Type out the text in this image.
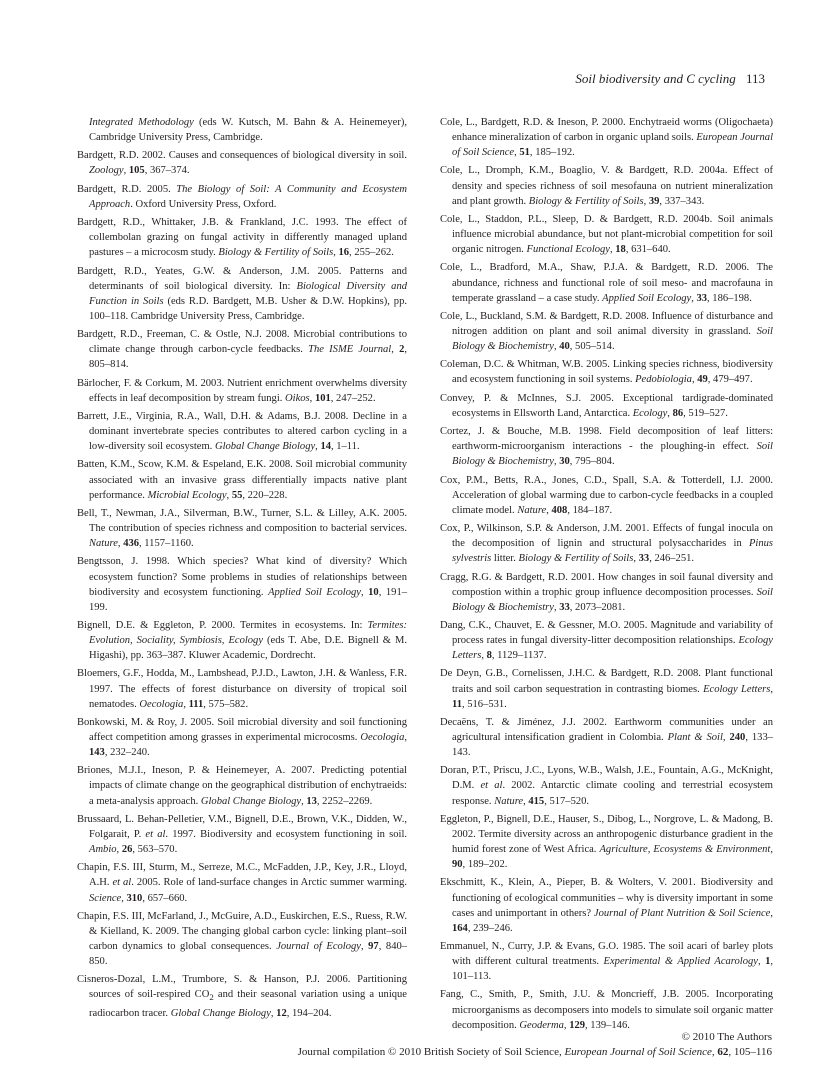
Soil biodiversity and C cycling 113

Integrated Methodology (eds W. Kutsch, M. Bahn & A. Heinemeyer), Cambridge University Press, Cambridge.

Bardgett, R.D. 2002. Causes and consequences of biological diversity in soil. Zoology, 105, 367–374.

Bardgett, R.D. 2005. The Biology of Soil: A Community and Ecosystem Approach. Oxford University Press, Oxford.

Bardgett, R.D., Whittaker, J.B. & Frankland, J.C. 1993. The effect of collembolan grazing on fungal activity in differently managed upland pastures – a microcosm study. Biology & Fertility of Soils, 16, 255–262.

Bardgett, R.D., Yeates, G.W. & Anderson, J.M. 2005. Patterns and determinants of soil biological diversity. In: Biological Diversity and Function in Soils (eds R.D. Bardgett, M.B. Usher & D.W. Hopkins), pp. 100–118. Cambridge University Press, Cambridge.

Bardgett, R.D., Freeman, C. & Ostle, N.J. 2008. Microbial contributions to climate change through carbon-cycle feedbacks. The ISME Journal, 2, 805–814.

Bärlocher, F. & Corkum, M. 2003. Nutrient enrichment overwhelms diversity effects in leaf decomposition by stream fungi. Oikos, 101, 247–252.

Barrett, J.E., Virginia, R.A., Wall, D.H. & Adams, B.J. 2008. Decline in a dominant invertebrate species contributes to altered carbon cycling in a low-diversity soil ecosystem. Global Change Biology, 14, 1–11.

Batten, K.M., Scow, K.M. & Espeland, E.K. 2008. Soil microbial community associated with an invasive grass differentially impacts native plant performance. Microbial Ecology, 55, 220–228.

Bell, T., Newman, J.A., Silverman, B.W., Turner, S.L. & Lilley, A.K. 2005. The contribution of species richness and composition to bacterial services. Nature, 436, 1157–1160.

Bengtsson, J. 1998. Which species? What kind of diversity? Which ecosystem function? Some problems in studies of relationships between biodiversity and ecosystem functioning. Applied Soil Ecology, 10, 191–199.

Bignell, D.E. & Eggleton, P. 2000. Termites in ecosystems. In: Termites: Evolution, Sociality, Symbiosis, Ecology (eds T. Abe, D.E. Bignell & M. Higashi), pp. 363–387. Kluwer Academic, Dordrecht.

Bloemers, G.F., Hodda, M., Lambshead, P.J.D., Lawton, J.H. & Wanless, F.R. 1997. The effects of forest disturbance on diversity of tropical soil nematodes. Oecologia, 111, 575–582.

Bonkowski, M. & Roy, J. 2005. Soil microbial diversity and soil functioning affect competition among grasses in experimental microcosms. Oecologia, 143, 232–240.

Briones, M.J.I., Ineson, P. & Heinemeyer, A. 2007. Predicting potential impacts of climate change on the geographical distribution of enchytraeids: a meta-analysis approach. Global Change Biology, 13, 2252–2269.

Brussaard, L. Behan-Pelletier, V.M., Bignell, D.E., Brown, V.K., Didden, W., Folgarait, P. et al. 1997. Biodiversity and ecosystem functioning in soil. Ambio, 26, 563–570.

Chapin, F.S. III, Sturm, M., Serreze, M.C., McFadden, J.P., Key, J.R., Lloyd, A.H. et al. 2005. Role of land-surface changes in Arctic summer warming. Science, 310, 657–660.

Chapin, F.S. III, McFarland, J., McGuire, A.D., Euskirchen, E.S., Ruess, R.W. & Kielland, K. 2009. The changing global carbon cycle: linking plant–soil carbon dynamics to global consequences. Journal of Ecology, 97, 840–850.

Cisneros-Dozal, L.M., Trumbore, S. & Hanson, P.J. 2006. Partitioning sources of soil-respired $CO_2$ and their seasonal variation using a unique radiocarbon tracer. Global Change Biology, 12, 194–204.

Cole, L., Bardgett, R.D. & Ineson, P. 2000. Enchytraeid worms (Oligochaeta) enhance mineralization of carbon in organic upland soils. European Journal of Soil Science, 51, 185–192.

Cole, L., Dromph, K.M., Boaglio, V. & Bardgett, R.D. 2004a. Effect of density and species richness of soil mesofauna on nutrient mineralization and plant growth. Biology & Fertility of Soils, 39, 337–343.

Cole, L., Staddon, P.L., Sleep, D. & Bardgett, R.D. 2004b. Soil animals influence microbial abundance, but not plant-microbial competition for soil organic nitrogen. Functional Ecology, 18, 631–640.

Cole, L., Bradford, M.A., Shaw, P.J.A. & Bardgett, R.D. 2006. The abundance, richness and functional role of soil meso- and macrofauna in temperate grassland – a case study. Applied Soil Ecology, 33, 186–198.

Cole, L., Buckland, S.M. & Bardgett, R.D. 2008. Influence of disturbance and nitrogen addition on plant and soil animal diversity in grassland. Soil Biology & Biochemistry, 40, 505–514.

Coleman, D.C. & Whitman, W.B. 2005. Linking species richness, biodiversity and ecosystem functioning in soil systems. Pedobiologia, 49, 479–497.

Convey, P. & McInnes, S.J. 2005. Exceptional tardigrade-dominated ecosystems in Ellsworth Land, Antarctica. Ecology, 86, 519–527.

Cortez, J. & Bouche, M.B. 1998. Field decomposition of leaf litters: earthworm-microorganism interactions - the ploughing-in effect. Soil Biology & Biochemistry, 30, 795–804.

Cox, P.M., Betts, R.A., Jones, C.D., Spall, S.A. & Totterdell, I.J. 2000. Acceleration of global warming due to carbon-cycle feedbacks in a coupled climate model. Nature, 408, 184–187.

Cox, P., Wilkinson, S.P. & Anderson, J.M. 2001. Effects of fungal inocula on the decomposition of lignin and structural polysaccharides in Pinus sylvestris litter. Biology & Fertility of Soils, 33, 246–251.

Cragg, R.G. & Bardgett, R.D. 2001. How changes in soil faunal diversity and compostion within a trophic group influence decomposition processes. Soil Biology & Biochemistry, 33, 2073–2081.

Dang, C.K., Chauvet, E. & Gessner, M.O. 2005. Magnitude and variability of process rates in fungal diversity-litter decomposition relationships. Ecology Letters, 8, 1129–1137.

De Deyn, G.B., Cornelissen, J.H.C. & Bardgett, R.D. 2008. Plant functional traits and soil carbon sequestration in contrasting biomes. Ecology Letters, 11, 516–531.

Decaëns, T. & Jiménez, J.J. 2002. Earthworm communities under an agricultural intensification gradient in Colombia. Plant & Soil, 240, 133–143.

Doran, P.T., Priscu, J.C., Lyons, W.B., Walsh, J.E., Fountain, A.G., McKnight, D.M. et al. 2002. Antarctic climate cooling and terrestrial ecosystem response. Nature, 415, 517–520.

Eggleton, P., Bignell, D.E., Hauser, S., Dibog, L., Norgrove, L. & Madong, B. 2002. Termite diversity across an anthropogenic disturbance gradient in the humid forest zone of West Africa. Agriculture, Ecosystems & Environment, 90, 189–202.

Ekschmitt, K., Klein, A., Pieper, B. & Wolters, V. 2001. Biodiversity and functioning of ecological communities – why is diversity important in some cases and unimportant in others? Journal of Plant Nutrition & Soil Science, 164, 239–246.

Emmanuel, N., Curry, J.P. & Evans, G.O. 1985. The soil acari of barley plots with different cultural treatments. Experimental & Applied Acarology, 1, 101–113.

Fang, C., Smith, P., Smith, J.U. & Moncrieff, J.B. 2005. Incorporating microorganisms as decomposers into models to simulate soil organic matter decomposition. Geoderma, 129, 139–146.

© 2010 The Authors
Journal compilation © 2010 British Society of Soil Science, European Journal of Soil Science, 62, 105–116
